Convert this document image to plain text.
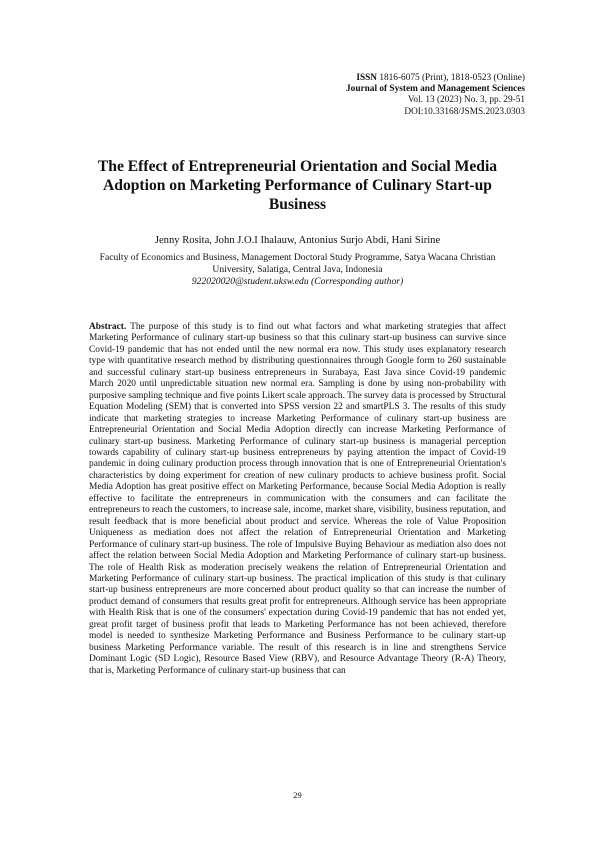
ISSN 1816-6075 (Print), 1818-0523 (Online)
Journal of System and Management Sciences
Vol. 13 (2023) No. 3, pp. 29-51
DOI:10.33168/JSMS.2023.0303
The Effect of Entrepreneurial Orientation and Social Media Adoption on Marketing Performance of Culinary Start-up Business
Jenny Rosita, John J.O.I Ihalauw, Antonius Surjo Abdi, Hani Sirine
Faculty of Economics and Business, Management Doctoral Study Programme, Satya Wacana Christian University, Salatiga, Central Java, Indonesia
922020020@student.uksw.edu (Corresponding author)
Abstract. The purpose of this study is to find out what factors and what marketing strategies that affect Marketing Performance of culinary start-up business so that this culinary start-up business can survive since Covid-19 pandemic that has not ended until the new normal era now. This study uses explanatory research type with quantitative research method by distributing questionnaires through Google form to 260 sustainable and successful culinary start-up business entrepreneurs in Surabaya, East Java since Covid-19 pandemic March 2020 until unpredictable situation new normal era. Sampling is done by using non-probability with purposive sampling technique and five points Likert scale approach. The survey data is processed by Structural Equation Modeling (SEM) that is converted into SPSS version 22 and smartPLS 3. The results of this study indicate that marketing strategies to increase Marketing Performance of culinary start-up business are Entrepreneurial Orientation and Social Media Adoption directly can increase Marketing Performance of culinary start-up business. Marketing Performance of culinary start-up business is managerial perception towards capability of culinary start-up business entrepreneurs by paying attention the impact of Covid-19 pandemic in doing culinary production process through innovation that is one of Entrepreneurial Orientation's characteristics by doing experiment for creation of new culinary products to achieve business profit. Social Media Adoption has great positive effect on Marketing Performance, because Social Media Adoption is really effective to facilitate the entrepreneurs in communication with the consumers and can facilitate the entrepreneurs to reach the customers, to increase sale, income, market share, visibility, business reputation, and result feedback that is more beneficial about product and service. Whereas the role of Value Proposition Uniqueness as mediation does not affect the relation of Entrepreneurial Orientation and Marketing Performance of culinary start-up business. The role of Impulsive Buying Behaviour as mediation also does not affect the relation between Social Media Adoption and Marketing Performance of culinary start-up business. The role of Health Risk as moderation precisely weakens the relation of Entrepreneurial Orientation and Marketing Performance of culinary start-up business. The practical implication of this study is that culinary start-up business entrepreneurs are more concerned about product quality so that can increase the number of product demand of consumers that results great profit for entrepreneurs. Although service has been appropriate with Health Risk that is one of the consumers' expectation during Covid-19 pandemic that has not ended yet, great profit target of business profit that leads to Marketing Performance has not been achieved, therefore model is needed to synthesize Marketing Performance and Business Performance to be culinary start-up business Marketing Performance variable. The result of this research is in line and strengthens Service Dominant Logic (SD Logic), Resource Based View (RBV), and Resource Advantage Theory (R-A) Theory, that is, Marketing Performance of culinary start-up business that can
29
